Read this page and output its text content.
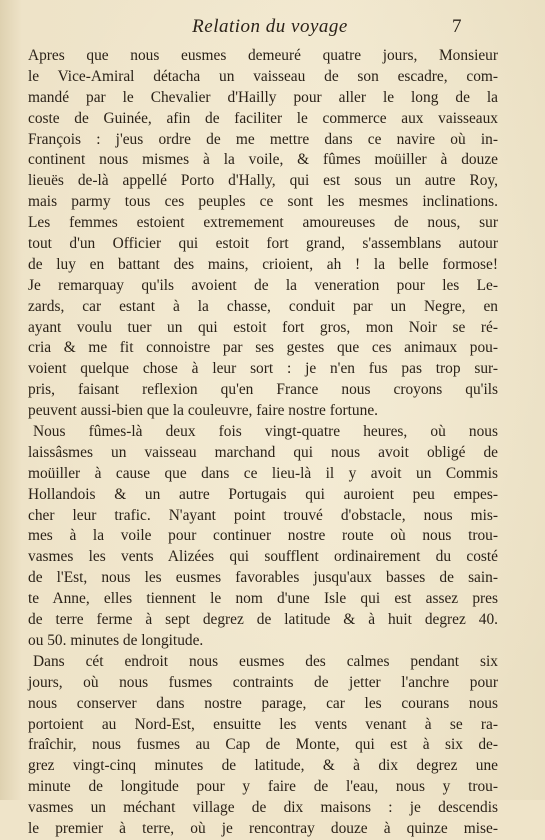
Relation du voyage	7
Apres que nous eusmes demeuré quatre jours, Monsieur
le Vice-Amiral détacha un vaisseau de son escadre, com-
mandé par le Chevalier d'Hailly pour aller le long de la
coste de Guinée, afin de faciliter le commerce aux vaisseaux
François : j'eus ordre de me mettre dans ce navire où in-
continent nous mismes à la voile, & fûmes moüiller à douze
lieuës de-là appellé Porto d'Hally, qui est sous un autre Roy,
mais parmy tous ces peuples ce sont les mesmes inclinations.
Les femmes estoient extremement amoureuses de nous, sur
tout d'un Officier qui estoit fort grand, s'assemblans autour
de luy en battant des mains, crioient, ah ! la belle formose!
Je remarquay qu'ils avoient de la veneration pour les Le-
zards, car estant à la chasse, conduit par un Negre, en
ayant voulu tuer un qui estoit fort gros, mon Noir se ré-
cria & me fit connoistre par ses gestes que ces animaux pou-
voient quelque chose à leur sort : je n'en fus pas trop sur-
pris, faisant reflexion qu'en France nous croyons qu'ils
peuvent aussi-bien que la couleuvre, faire nostre fortune.
Nous fûmes-là deux fois vingt-quatre heures, où nous
laissâsmes un vaisseau marchand qui nous avoit obligé de
moüiller à cause que dans ce lieu-là il y avoit un Commis
Hollandois & un autre Portugais qui auroient peu empes-
cher leur trafic. N'ayant point trouvé d'obstacle, nous mis-
mes à la voile pour continuer nostre route où nous trou-
vasmes les vents Alizées qui soufflent ordinairement du costé
de l'Est, nous les eusmes favorables jusqu'aux basses de sain-
te Anne, elles tiennent le nom d'une Isle qui est assez pres
de terre ferme à sept degrez de latitude & à huit degrez 40.
ou 50. minutes de longitude.
Dans cét endroit nous eusmes des calmes pendant six
jours, où nous fusmes contraints de jetter l'anchre pour
nous conserver dans nostre parage, car les courans nous
portoient au Nord-Est, ensuitte les vents venant à se ra-
fraîchir, nous fusmes au Cap de Monte, qui est à six de-
grez vingt-cinq minutes de latitude, & à dix degrez une
minute de longitude pour y faire de l'eau, nous y trou-
vasmes un méchant village de dix maisons : je descendis
le premier à terre, où je rencontray douze à quinze mise-
